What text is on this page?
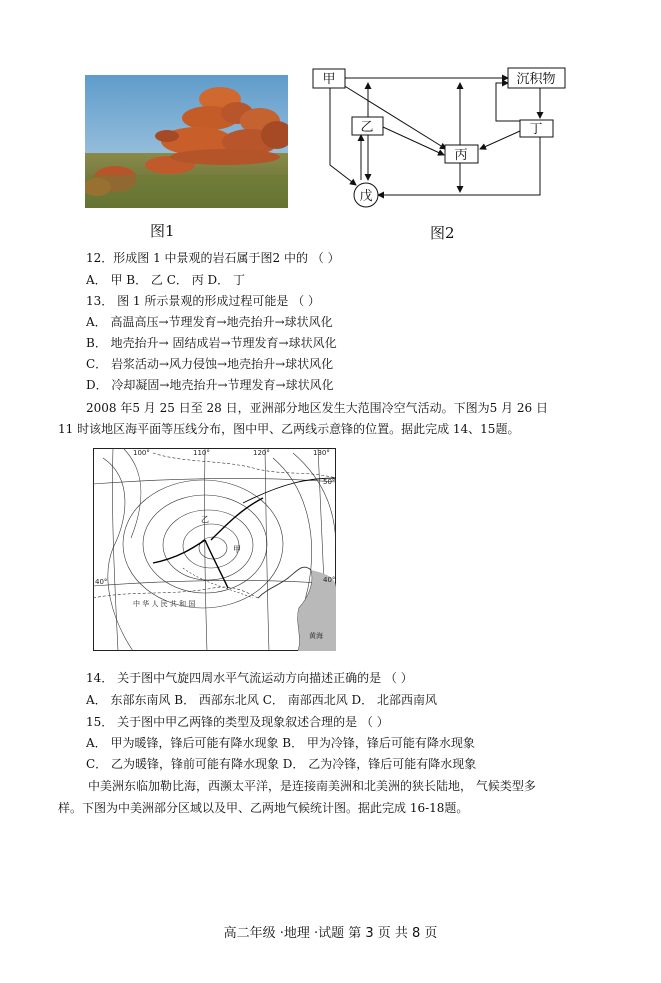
甲
乙
丙
丁
沉积物
戊
图1	图2
12．形成图 1 中景观的岩石属于图2 中的 （ ）
A． 甲 B． 乙 C． 丙 D． 丁
13． 图 1 所示景观的形成过程可能是 （ ）
A． 高温高压→节理发育→地壳抬升→球状风化
B． 地壳抬升→ 固结成岩→节理发育→球状风化
C． 岩浆活动→风力侵蚀→地壳抬升→球状风化
D． 冷却凝固→地壳抬升→节理发育→球状风化
2008 年5 月 25 日至 28 日，亚洲部分地区发生大范围冷空气活动。下图为5 月 26 日
11 时该地区海平面等压线分布，图中甲、乙两线示意锋的位置。据此完成 14、15题。
100°	110°	120°	130°
50°
40°
40°
中 华 人 民 共 和 国
黄海
甲
乙
14． 关于图中气旋四周水平气流运动方向描述正确的是 （ ）
A． 东部东南风 B． 西部东北风 C． 南部西北风 D． 北部西南风
15． 关于图中甲乙两锋的类型及现象叙述合理的是 （ ）
A． 甲为暖锋，锋后可能有降水现象 B． 甲为冷锋，锋后可能有降水现象
C． 乙为暖锋，锋前可能有降水现象 D． 乙为冷锋，锋后可能有降水现象
中美洲东临加勒比海，西濒太平洋，是连接南美洲和北美洲的狭长陆地， 气候类型多
样。下图为中美洲部分区域以及甲、乙两地气候统计图。据此完成 16-18题。
高二年级 ·地理 ·试题 第 3 页 共 8 页
